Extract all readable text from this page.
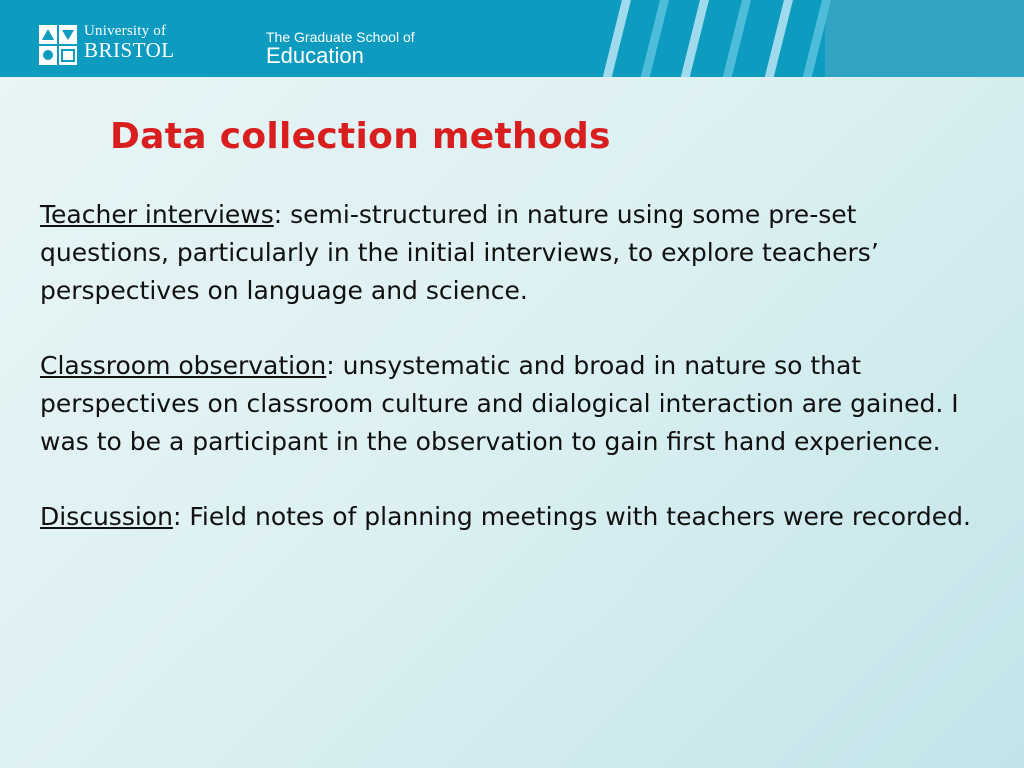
University of
BRISTOL
The Graduate School of
Education
Data collection methods

Teacher interviews: semi-structured in nature using some pre-set questions, particularly in the initial interviews, to explore teachers’ perspectives on language and science.

Classroom observation: unsystematic and broad in nature so that perspectives on classroom culture and dialogical interaction are gained. I was to be a participant in the observation to gain first hand experience.

Discussion: Field notes of planning meetings with teachers were recorded.
